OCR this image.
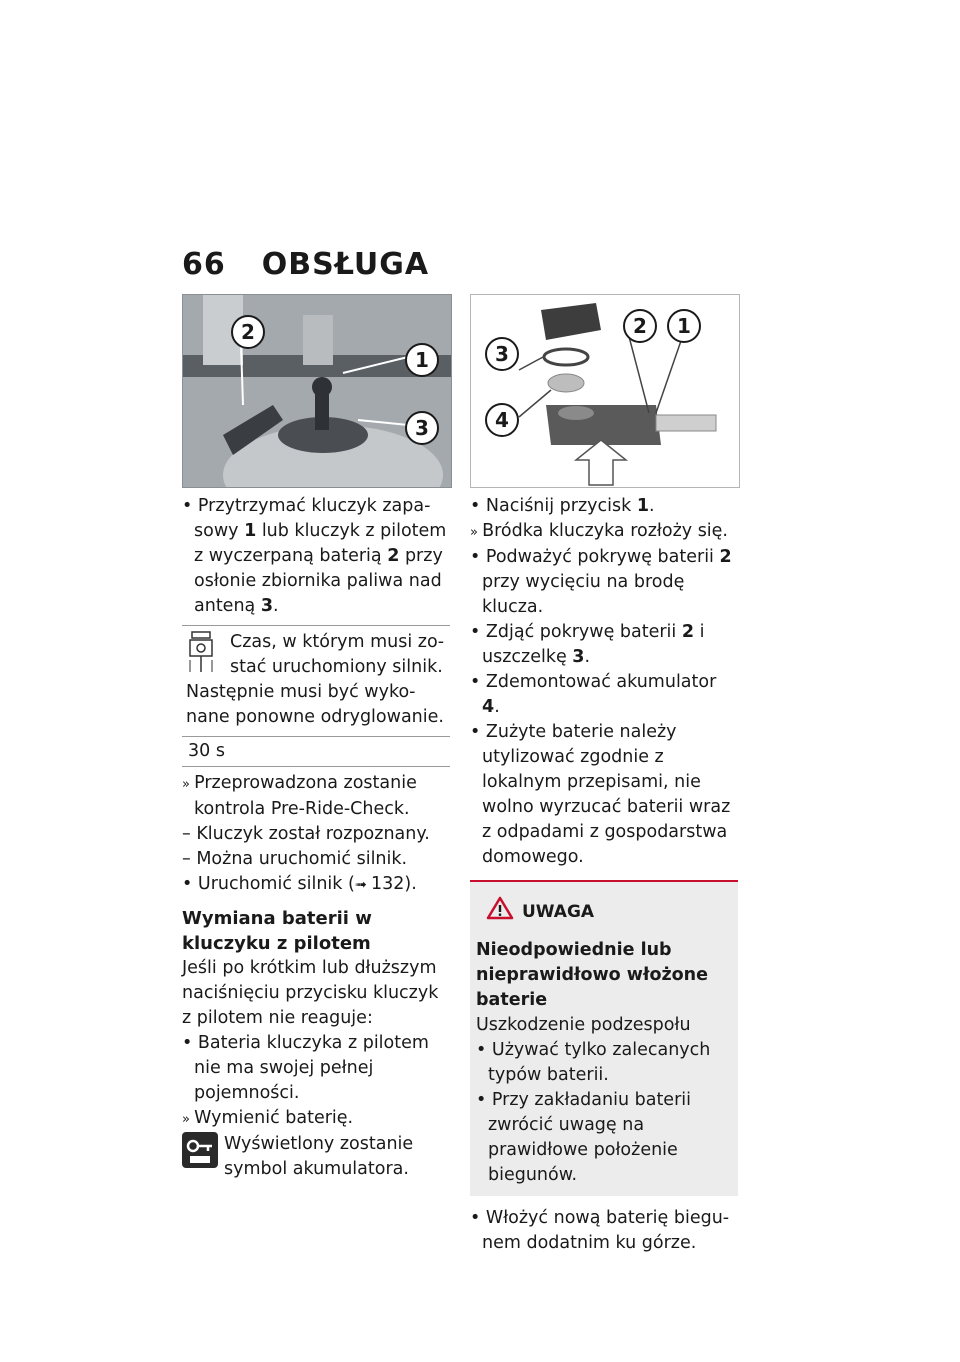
66 OBSŁUGA
2
1
3

• Przytrzymać kluczyk zapasowy 1 lub kluczyk z pilotem z wyczerpaną baterią 2 przy osłonie zbiornika paliwa nad anteną 3.

Czas, w którym musi zostać uruchomiony silnik. Następnie musi być wykonane ponowne odryglowanie.
30 s

» Przeprowadzona zostanie kontrola Pre-Ride-Check.

– Kluczyk został rozpoznany.

– Można uruchomić silnik.

• Uruchomić silnik (➟ 132).

Wymiana baterii w kluczyku z pilotem

Jeśli po krótkim lub dłuższym naciśnięciu przycisku kluczyk z pilotem nie reaguje:

• Bateria kluczyka z pilotem nie ma swojej pełnej pojemności.

» Wymienić baterię.

Wyświetlony zostanie symbol akumulatora.
3
2	1
4

• Naciśnij przycisk 1.

» Bródka kluczyka rozłoży się.

• Podważyć pokrywę baterii 2 przy wycięciu na brodę klucza.

• Zdjąć pokrywę baterii 2 i uszczelkę 3.

• Zdemontować akumulator 4.

• Zużyte baterie należy utylizować zgodnie z lokalnym przepisami, nie wolno wyrzucać baterii wraz z odpadami z gospodarstwa domowego.

UWAGA
Nieodpowiednie lub nieprawidłowo włożone baterie

Uszkodzenie podzespołu

• Używać tylko zalecanych typów baterii.

• Przy zakładaniu baterii zwrócić uwagę na prawidłowe położenie biegunów.

• Włożyć nową baterię biegunem dodatnim ku górze.
